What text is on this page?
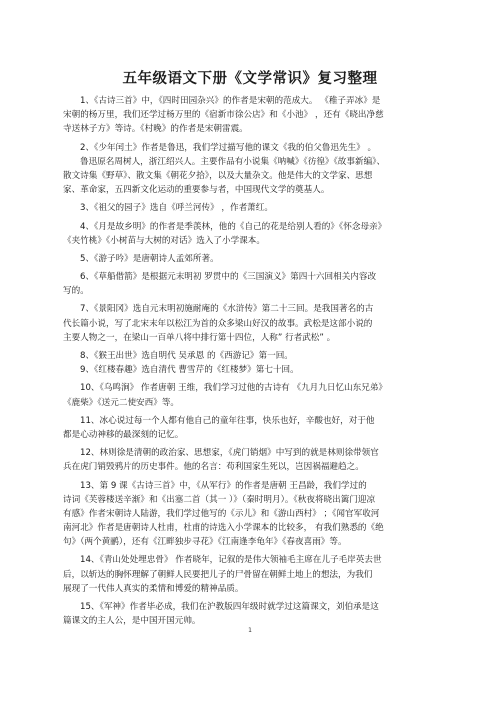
五年级语文下册《文学常识》复习整理
1、《古诗三首》中，《四时田园杂兴》的作者是宋朝的范成大。 《稚子弄冰》是
宋朝的杨万里，我们还学过杨万里的《宿新市徐公店》和《小池》 ，还有《晓出净慈
寺送林子方》等诗。《村晚》的作者是宋朝雷震。
2、《少年闰土》作者是鲁迅，我们学过描写他的课文《我的伯父鲁迅先生》 。
鲁迅原名周树人，浙江绍兴人。主要作品有小说集《呐喊》《彷徨》《故事新编》、
散文诗集《野草》、散文集《朝花夕拾》，以及大量杂文。他是伟大的文学家、思想
家、革命家，五四新文化运动的重要参与者，中国现代文学的奠基人。
3、《祖父的园子》选自《呼兰河传》 ，作者萧红。
4、《月是故乡明》的作者是季羡林，他的《自己的花是给别人看的》《怀念母亲》
《夹竹桃》《小树苗与大树的对话》选入了小学课本。
5、《游子吟》是唐朝诗人孟郊所著。
6、《草船借箭》是根据元末明初 罗贯中的《三国演义》第四十六回相关内容改
写的。
7、《景阳冈》选自元末明初施耐庵的《水浒传》第二十三回。是我国著名的古
代长篇小说，写了北宋末年以松江为首的众多梁山好汉的故事。武松是这部小说的
主要人物之一，在梁山一百单八将中排行第十四位，人称” 行者武松” 。
8、《猴王出世》选自明代 吴承恩 的《西游记》第一回。
9、《红楼春趣》选自清代 曹雪芹的《红楼梦》第七十回。
10、《乌鸣涧》 作者唐朝 王维，我们学习过他的古诗有 《九月九日忆山东兄弟》
《鹿柴》《送元二使安西》等。
11、冰心说过每一个人都有他自己的童年往事，快乐也好，辛酸也好，对于他
都是心动神移的最深刻的记忆。
12、林则徐是清朝的政治家、思想家，《虎门销烟》中写到的就是林则徐带领官
兵在虎门销毁鸦片的历史事件。他的名言：苟利国家生死以，岂因祸福避趋之。
13、第 9 课《古诗三首》中，《从军行》的作者是唐朝 王昌龄，我们学过的
诗词《芙蓉楼送辛渐》和《出塞二首（其一 ）》（秦时明月）。《秋夜将晓出篱门迎凉
有感》作者宋朝诗人陆游，我们学过他写的《示儿》和《游山西村》 ；《闻官军收河
南河北》作者是唐朝诗人杜甫，杜甫的诗选入小学课本的比较多， 有我们熟悉的《绝
句》（两个黄鹂），还有《江畔独步寻花》《江南逢李龟年》《春夜喜雨》等。
14、《青山处处埋忠骨》 作者晓年，记叙的是伟大领袖毛主席在儿子毛岸英去世
后，以斩达的胸怀理解了朝鲜人民要把儿子的尸骨留在朝鲜土地上的想法，为我们
展现了一代伟人真实的柔情和博爱的精神品质。
15、《军神》作者毕必成，我们在沪教版四年级时就学过这篇课文，刘伯承是这
篇课文的主人公，是中国开国元帅。
1
